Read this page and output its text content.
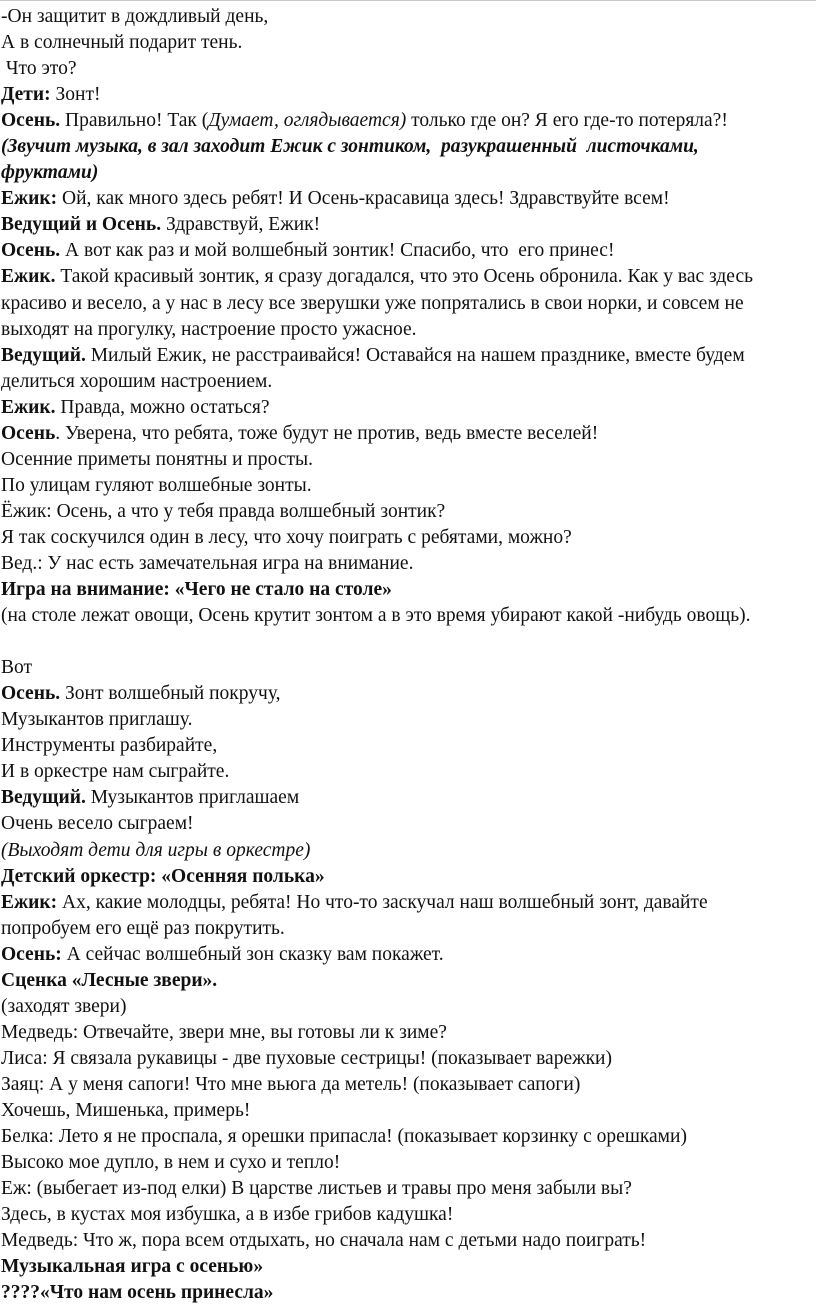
-Он защитит в дождливый день,
А в солнечный подарит тень.
Что это?
Дети: Зонт!
Осень. Правильно! Так (Думает, оглядывается) только где он? Я его где-то потеряла?!
(Звучит музыка, в зал заходит Ежик с зонтиком,  разукрашенный  листочками,
фруктами)
Ежик: Ой, как много здесь ребят! И Осень-красавица здесь! Здравствуйте всем!
Ведущий и Осень. Здравствуй, Ежик!
Осень. А вот как раз и мой волшебный зонтик! Спасибо, что  его принес!
Ежик. Такой красивый зонтик, я сразу догадался, что это Осень обронила. Как у вас здесь
красиво и весело, а у нас в лесу все зверушки уже попрятались в свои норки, и совсем не
выходят на прогулку, настроение просто ужасное.
Ведущий. Милый Ежик, не расстраивайся! Оставайся на нашем празднике, вместе будем
делиться хорошим настроением.
Ежик. Правда, можно остаться?
Осень. Уверена, что ребята, тоже будут не против, ведь вместе веселей!
Осенние приметы понятны и просты.
По улицам гуляют волшебные зонты.
Ёжик: Осень, а что у тебя правда волшебный зонтик?
Я так соскучился один в лесу, что хочу поиграть с ребятами, можно?
Вед.: У нас есть замечательная игра на внимание.
Игра на внимание: «Чего не стало на столе»
(на столе лежат овощи, Осень крутит зонтом а в это время убирают какой -нибудь овощь).
Вот
Осень. Зонт волшебный покручу,
Музыкантов приглашу.
Инструменты разбирайте,
И в оркестре нам сыграйте.
Ведущий. Музыкантов приглашаем
Очень весело сыграем!
(Выходят дети для игры в оркестре)
Детский оркестр: «Осенняя полька»
Ежик: Ах, какие молодцы, ребята! Но что-то заскучал наш волшебный зонт, давайте
попробуем его ещё раз покрутить.
Осень: А сейчас волшебный зон сказку вам покажет.
Сценка «Лесные звери».
(заходят звери)
Медведь: Отвечайте, звери мне, вы готовы ли к зиме?
Лиса: Я связала рукавицы - две пуховые сестрицы! (показывает варежки)
Заяц: А у меня сапоги! Что мне вьюга да метель! (показывает сапоги)
Хочешь, Мишенька, примерь!
Белка: Лето я не проспала, я орешки припасла! (показывает корзинку с орешками)
Высоко мое дупло, в нем и сухо и тепло!
Еж: (выбегает из-под елки) В царстве листьев и травы про меня забыли вы?
Здесь, в кустах моя избушка, а в избе грибов кадушка!
Медведь: Что ж, пора всем отдыхать, но сначала нам с детьми надо поиграть!
Музыкальная игра с осенью»
????«Что нам осень принесла»
